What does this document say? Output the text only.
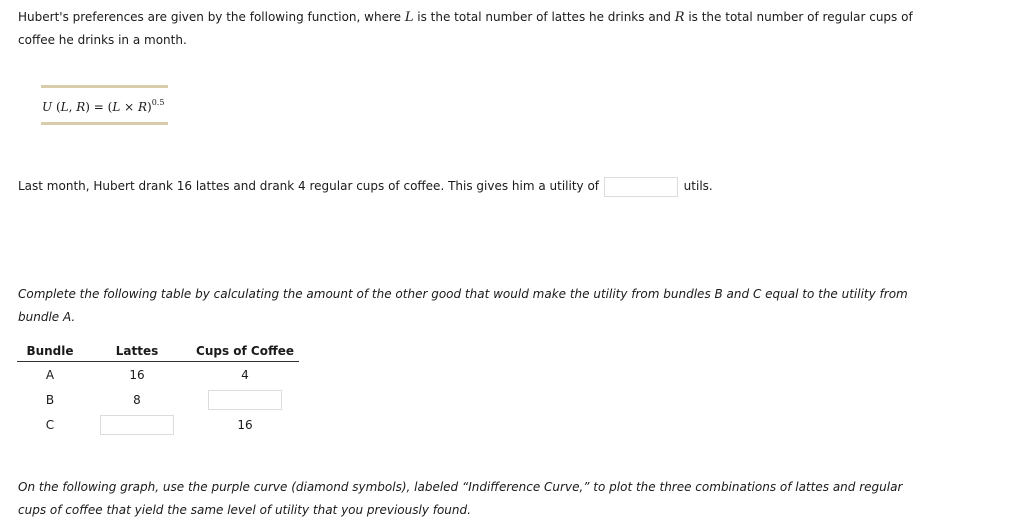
Hubert's preferences are given by the following function, where L is the total number of lattes he drinks and R is the total number of regular cups of coffee he drinks in a month.

U (L, $R) = (L \times R)^{0.5}$
Last month, Hubert drank 16 lattes and drank 4 regular cups of coffee. This gives him a utility of	utils.

Complete the following table by calculating the amount of the other good that would make the utility from bundles B and C equal to the utility from bundle A.

Bundle	Lattes	Cups of Coffee
A	16	4
B	8	
C		16

On the following graph, use the purple curve (diamond symbols), labeled “Indifference Curve,” to plot the three combinations of lattes and regular cups of coffee that yield the same level of utility that you previously found.
